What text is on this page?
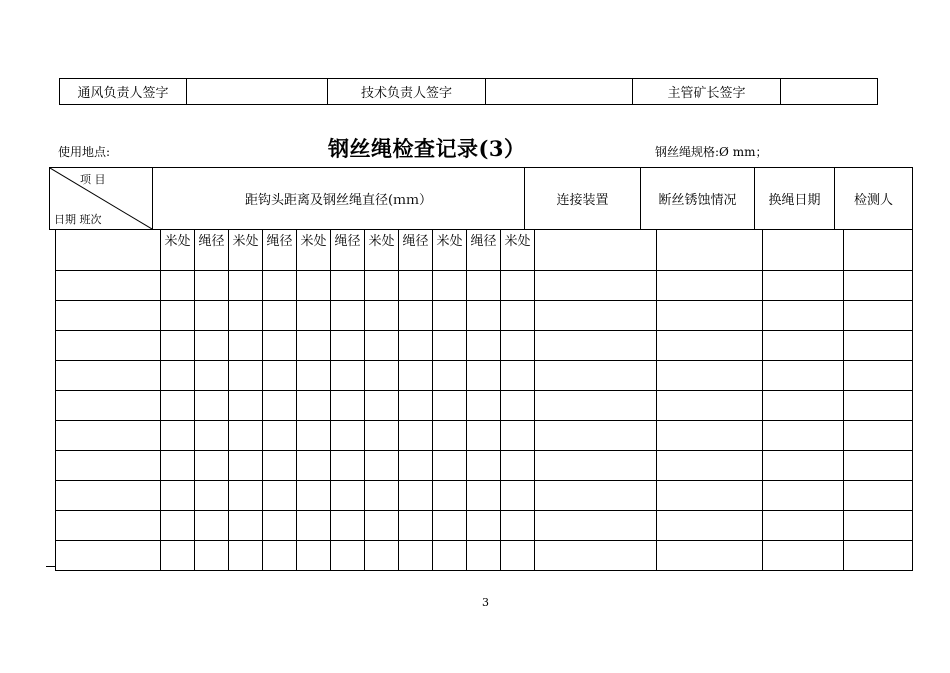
通风负责人签字		技术负责人签字		主管矿长签字	
使用地点:	钢丝绳检查记录(3）	钢丝绳规格:Ø mm；
项 目
日期 班次
	距钩头距离及钢丝绳直径(ｍｍ）	连接装置	断丝锈蚀情况	换绳日期	检测人
	米处	绳径	米处	绳径	米处	绳径	米处	绳径	米处	绳径	米处				

3
